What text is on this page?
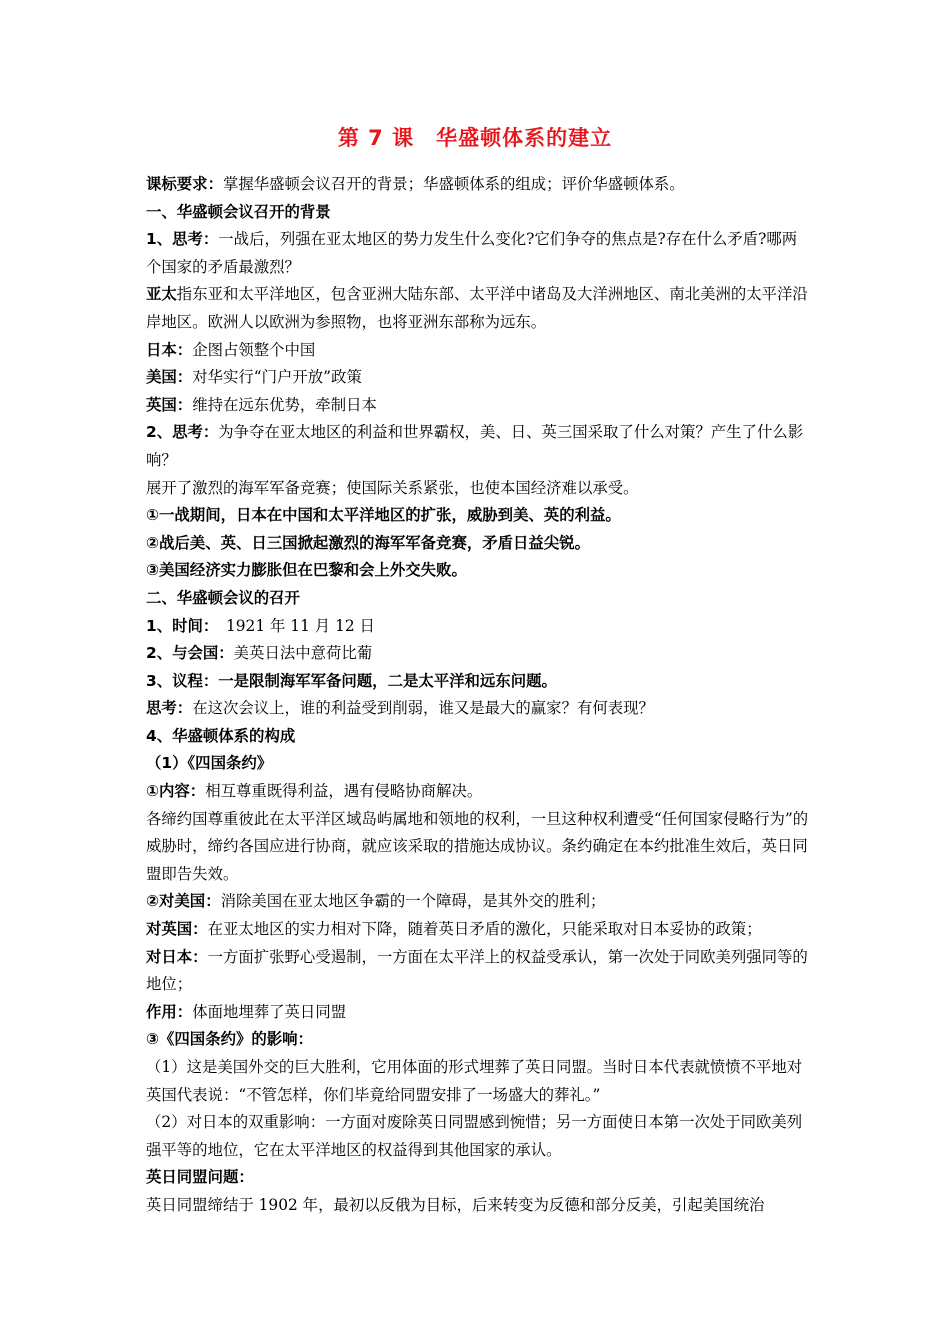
第 7 课　华盛顿体系的建立

课标要求：掌握华盛顿会议召开的背景；华盛顿体系的组成；评价华盛顿体系。

一、华盛顿会议召开的背景

1、思考：一战后，列强在亚太地区的势力发生什么变化?它们争夺的焦点是?存在什么矛盾?哪两个国家的矛盾最激烈？

亚太指东亚和太平洋地区，包含亚洲大陆东部、太平洋中诸岛及大洋洲地区、南北美洲的太平洋沿岸地区。欧洲人以欧洲为参照物，也将亚洲东部称为远东。

日本：企图占领整个中国

美国：对华实行“门户开放”政策

英国：维持在远东优势，牵制日本

2、思考：为争夺在亚太地区的利益和世界霸权，美、日、英三国采取了什么对策？产生了什么影响？

展开了激烈的海军军备竞赛；使国际关系紧张，也使本国经济难以承受。

①一战期间，日本在中国和太平洋地区的扩张，威胁到美、英的利益。

②战后美、英、日三国掀起激烈的海军军备竞赛，矛盾日益尖锐。

③美国经济实力膨胀但在巴黎和会上外交失败。

二、华盛顿会议的召开

1、时间：　1921 年 11 月 12 日

2、与会国：美英日法中意荷比葡

3、议程：一是限制海军军备问题，二是太平洋和远东问题。

思考：在这次会议上，谁的利益受到削弱，谁又是最大的赢家？有何表现？

4、华盛顿体系的构成

（1）《四国条约》

①内容：相互尊重既得利益，遇有侵略协商解决。

各缔约国尊重彼此在太平洋区域岛屿属地和领地的权利，一旦这种权利遭受“任何国家侵略行为”的威胁时，缔约各国应进行协商，就应该采取的措施达成协议。条约确定在本约批准生效后，英日同盟即告失效。

②对美国：消除美国在亚太地区争霸的一个障碍，是其外交的胜利；

对英国：在亚太地区的实力相对下降，随着英日矛盾的激化，只能采取对日本妥协的政策；

对日本：一方面扩张野心受遏制，一方面在太平洋上的权益受承认，第一次处于同欧美列强同等的地位；

作用：体面地埋葬了英日同盟

③《四国条约》的影响：

（1）这是美国外交的巨大胜利，它用体面的形式埋葬了英日同盟。当时日本代表就愤愤不平地对英国代表说：“不管怎样，你们毕竟给同盟安排了一场盛大的葬礼。”

（2）对日本的双重影响：一方面对废除英日同盟感到惋惜；另一方面使日本第一次处于同欧美列强平等的地位，它在太平洋地区的权益得到其他国家的承认。

英日同盟问题：

英日同盟缔结于 1902 年，最初以反俄为目标，后来转变为反德和部分反美，引起美国统治
